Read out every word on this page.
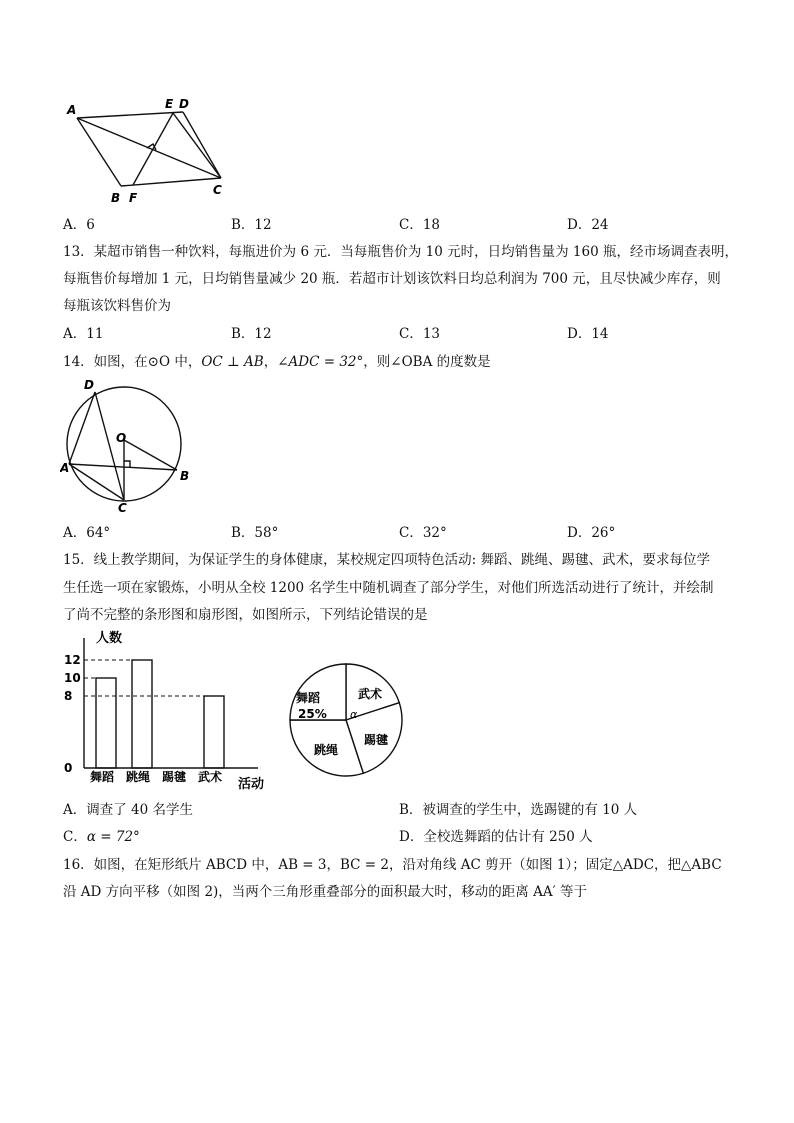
A	E D
B F
C
A．6	B．12	C．18	D．24
13．某超市销售一种饮料，每瓶进价为 6 元．当每瓶售价为 10 元时，日均销售量为 160 瓶，经市场调查表明，
每瓶售价每增加 1 元，日均销售量减少 20 瓶．若超市计划该饮料日均总利润为 700 元，且尽快减少库存，则
每瓶该饮料售价为
A．11	B．12	C．13	D．14
14．如图，在⊙O 中，OC ⊥ AB，∠ADC = 32°，则∠OBA 的度数是
D
O
A
B
C
A．64°	B．58°	C．32°	D．26°
15．线上教学期间，为保证学生的身体健康，某校规定四项特色活动: 舞蹈、跳绳、踢毽、武术，要求每位学
生任选一项在家锻炼，小明从全校 1200 名学生中随机调查了部分学生，对他们所选活动进行了统计，并绘制
了尚不完整的条形图和扇形图，如图所示，下列结论错误的是
人数
活动
0
8
10
12
舞蹈 跳绳 踢毽 武术
舞蹈
25%
武术
踢毽
跳绳
α
A．调查了 40 名学生	B．被调查的学生中，选踢键的有 10 人
C．α = 72°	D．全校选舞蹈的估计有 250 人
16．如图，在矩形纸片 ABCD 中，AB = 3，BC = 2，沿对角线 AC 剪开（如图 1）；固定△ADC，把△ABC
沿 AD 方向平移（如图 2)，当两个三角形重叠部分的面积最大时，移动的距离 AA′ 等于
